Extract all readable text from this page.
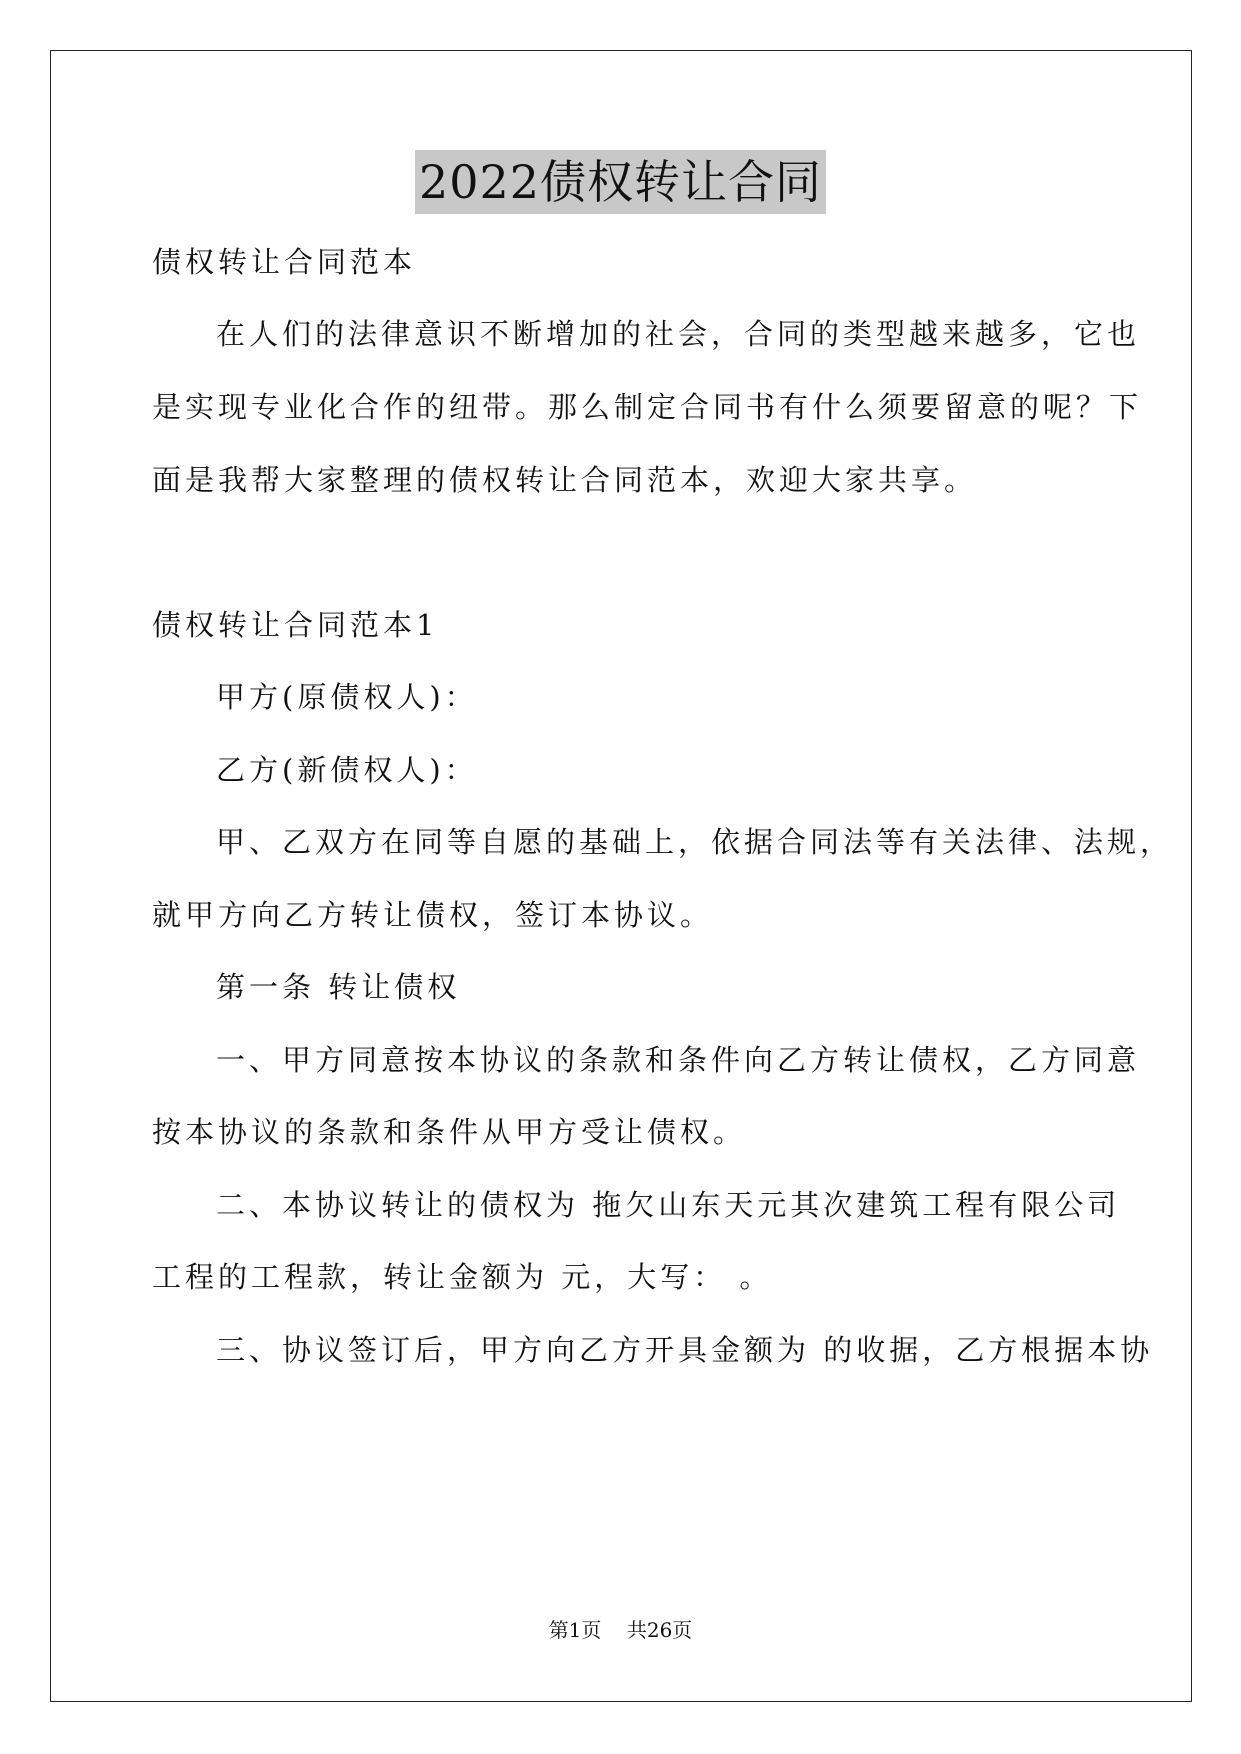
2022债权转让合同
债权转让合同范本
在人们的法律意识不断增加的社会，合同的类型越来越多，它也
是实现专业化合作的纽带。那么制定合同书有什么须要留意的呢？下
面是我帮大家整理的债权转让合同范本，欢迎大家共享。
债权转让合同范本1
甲方(原债权人)：
乙方(新债权人)：
甲、乙双方在同等自愿的基础上，依据合同法等有关法律、法规，
就甲方向乙方转让债权，签订本协议。
第一条 转让债权
一、甲方同意按本协议的条款和条件向乙方转让债权，乙方同意
按本协议的条款和条件从甲方受让债权。
二、本协议转让的债权为 拖欠山东天元其次建筑工程有限公司
工程的工程款，转让金额为 元，大写： 。
三、协议签订后，甲方向乙方开具金额为 的收据，乙方根据本协
第1页    共26页
